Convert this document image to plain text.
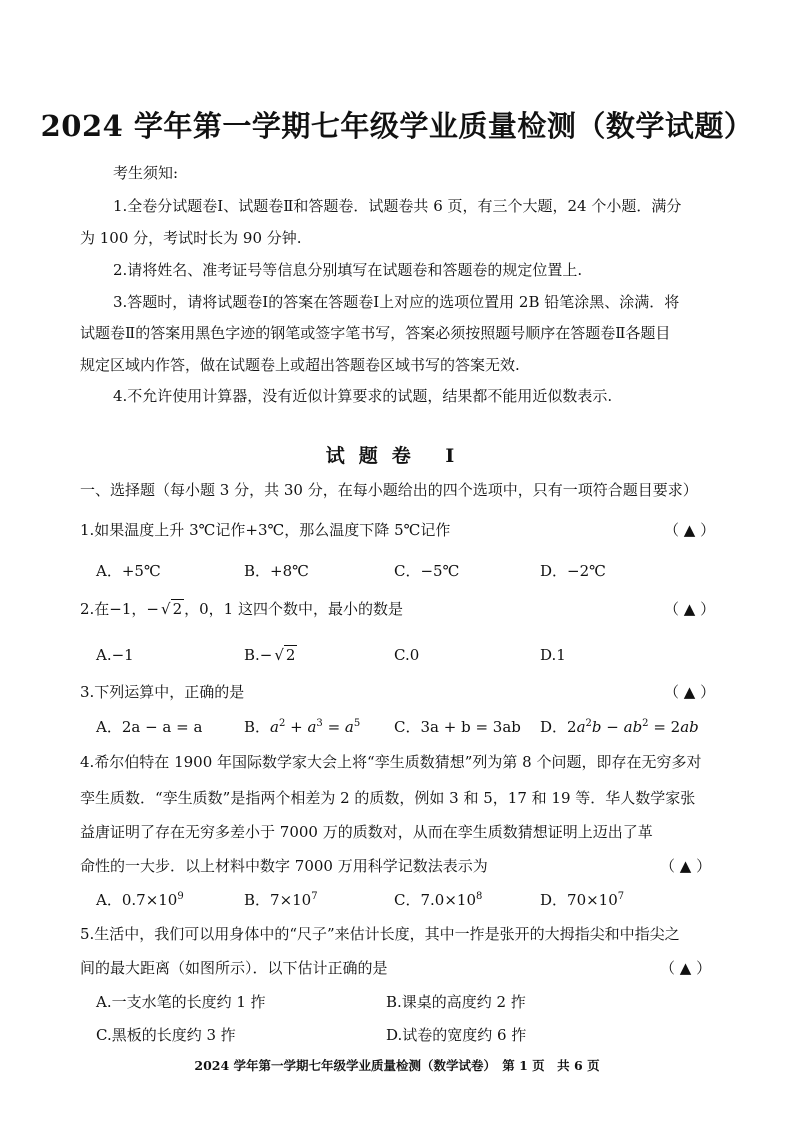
2024 学年第一学期七年级学业质量检测（数学试题）
考生须知:
1.全卷分试题卷Ⅰ、试题卷Ⅱ和答题卷．试题卷共 6 页，有三个大题，24 个小题．满分
为 100 分，考试时长为 90 分钟.
2.请将姓名、准考证号等信息分别填写在试题卷和答题卷的规定位置上.
3.答题时，请将试题卷Ⅰ的答案在答题卷Ⅰ上对应的选项位置用 2B 铅笔涂黑、涂满．将
试题卷Ⅱ的答案用黑色字迹的钢笔或签字笔书写，答案必须按照题号顺序在答题卷Ⅱ各题目
规定区域内作答，做在试题卷上或超出答题卷区域书写的答案无效.
4.不允许使用计算器，没有近似计算要求的试题，结果都不能用近似数表示.
试题卷 Ⅰ
一、选择题（每小题 3 分，共 30 分，在每小题给出的四个选项中，只有一项符合题目要求）
1.如果温度上升 3℃记作+3℃，那么温度下降 5℃记作	（ ▲ ）
A．+5℃	B．+8℃	C．−5℃	D．−2℃
2.在−1，− √ 2 ，0，1 这四个数中，最小的数是	（ ▲ ）
A.−1	B.− √ 2	C.0	D.1
3.下列运算中，正确的是	（ ▲ ）
A．2a − a = a	B．$a^2 + a^3 = a^5$ C．3a + b = 3ab D．$2a^2b - ab^2 = 2ab$
4.希尔伯特在 1900 年国际数学家大会上将“孪生质数猜想”列为第 8 个问题，即存在无穷多对
孪生质数．“孪生质数”是指两个相差为 2 的质数，例如 3 和 5，17 和 19 等．华人数学家张
益唐证明了存在无穷多差小于 7000 万的质数对，从而在孪生质数猜想证明上迈出了革
命性的一大步．以上材料中数字 7000 万用科学记数法表示为	（ ▲ ）
A．$0.7\times 10^9$	B．$7\times 10^7$	C．$7.0\times 10^8$	D．$70\times 10^7$
5.生活中，我们可以用身体中的“尺子”来估计长度，其中一拃是张开的大拇指尖和中指尖之
间的最大距离（如图所示）．以下估计正确的是	（ ▲ ）
A.一支水笔的长度约 1 拃	B.课桌的高度约 2 拃
C.黑板的长度约 3 拃	D.试卷的宽度约 6 拃
2024 学年第一学期七年级学业质量检测（数学试卷）　第 1 页　共 6 页
